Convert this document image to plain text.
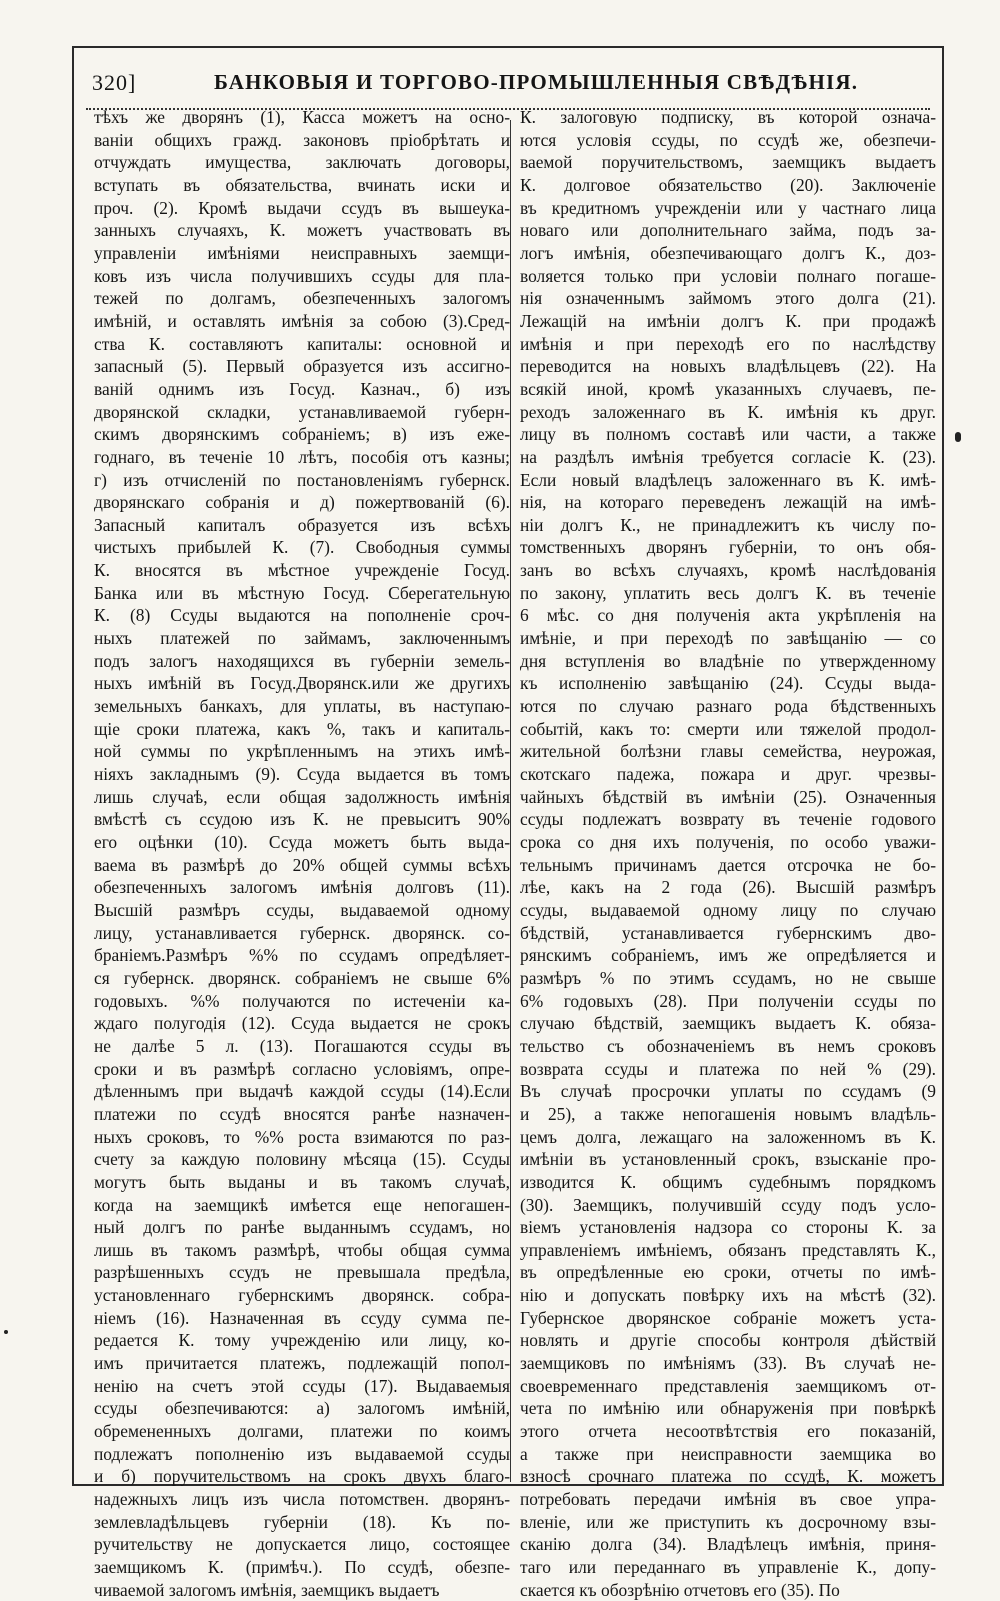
320]	БАНКОВЫЯ И ТОРГОВО-ПРОМЫШЛЕННЫЯ СВѢДѢНІЯ.
тѣхъ же дворянъ (1), Касса можетъ на осно-
ваніи общихъ гражд. законовъ пріобрѣтать и
отчуждать имущества, заключать договоры,
вступать въ обязательства, вчинать иски и
проч. (2). Кромѣ выдачи ссудъ въ вышеука-
занныхъ случаяхъ, К. можетъ участвовать въ
управленіи имѣніями неисправныхъ заемщи-
ковъ изъ числа получившихъ ссуды для пла-
тежей по долгамъ, обезпеченныхъ залогомъ
имѣній, и оставлять имѣнія за собою (3).Сред-
ства К. составляютъ капиталы: основной и
запасный (5). Первый образуется изъ ассигно-
ваній однимъ изъ Госуд. Казнач., б) изъ
дворянской складки, устанавливаемой губерн-
скимъ дворянскимъ собраніемъ; в) изъ еже-
годнаго, въ теченіе 10 лѣтъ, пособія отъ казны;
г) изъ отчисленій по постановленіямъ губернск.
дворянскаго собранія и д) пожертвованій (6).
Запасный капиталъ образуется изъ всѣхъ
чистыхъ прибылей К. (7). Свободныя суммы
К. вносятся въ мѣстное учрежденіе Госуд.
Банка или въ мѣстную Госуд. Сберегательную
К. (8) Ссуды выдаются на пополненіе сроч-
ныхъ платежей по займамъ, заключеннымъ
подъ залогъ находящихся въ губерніи земель-
ныхъ имѣній въ Госуд.Дворянск.или же другихъ
земельныхъ банкахъ, для уплаты, въ наступаю-
щіе сроки платежа, какъ %, такъ и капиталь-
ной суммы по укрѣпленнымъ на этихъ имѣ-
ніяхъ закладнымъ (9). Ссуда выдается въ томъ
лишь случаѣ, если общая задолжность имѣнія
вмѣстѣ съ ссудою изъ К. не превыситъ 90%
его оцѣнки (10). Ссуда можетъ быть выда-
ваема въ размѣрѣ до 20% общей суммы всѣхъ
обезпеченныхъ залогомъ имѣнія долговъ (11).
Высшій размѣръ ссуды, выдаваемой одному
лицу, устанавливается губернск. дворянск. со-
браніемъ.Размѣръ %% по ссудамъ опредѣляет-
ся губернск. дворянск. собраніемъ не свыше 6%
годовыхъ. %% получаются по истеченіи ка-
ждаго полугодія (12). Ссуда выдается не срокъ
не далѣе 5 л. (13). Погашаются ссуды въ
сроки и въ размѣрѣ согласно условіямъ, опре-
дѣленнымъ при выдачѣ каждой ссуды (14).Если
платежи по ссудѣ вносятся ранѣе назначен-
ныхъ сроковъ, то %% роста взимаются по раз-
счету за каждую половину мѣсяца (15). Ссуды
могутъ быть выданы и въ такомъ случаѣ,
когда на заемщикѣ имѣется еще непогашен-
ный долгъ по ранѣе выданнымъ ссудамъ, но
лишь въ такомъ размѣрѣ, чтобы общая сумма
разрѣшенныхъ ссудъ не превышала предѣла,
установленнаго губернскимъ дворянск. собра-
ніемъ (16). Назначенная въ ссуду сумма пе-
редается К. тому учрежденію или лицу, ко-
имъ причитается платежъ, подлежащій попол-
ненію на счетъ этой ссуды (17). Выдаваемыя
ссуды обезпечиваются: а) залогомъ имѣній,
обремененныхъ долгами, платежи по коимъ
подлежатъ пополненію изъ выдаваемой ссуды
и б) поручительствомъ на срокъ двухъ благо-
надежныхъ лицъ изъ числа потомствен. дворянъ-
землевладѣльцевъ губерніи (18). Къ по-
ручительству не допускается лицо, состоящее
заемщикомъ К. (примѣч.). По ссудѣ, обезпе-
чиваемой залогомъ имѣнія, заемщикъ выдаетъ
К. залоговую подписку, въ которой означа-
ются условія ссуды, по ссудѣ же, обезпечи-
ваемой поручительствомъ, заемщикъ выдаетъ
К. долговое обязательство (20). Заключеніе
въ кредитномъ учрежденіи или у частнаго лица
новаго или дополнительнаго займа, подъ за-
логъ имѣнія, обезпечивающаго долгъ К., доз-
воляется только при условіи полнаго погаше-
нія означеннымъ займомъ этого долга (21).
Лежащій на имѣніи долгъ К. при продажѣ
имѣнія и при переходѣ его по наслѣдству
переводится на новыхъ владѣльцевъ (22). На
всякій иной, кромѣ указанныхъ случаевъ, пе-
реходъ заложеннаго въ К. имѣнія къ друг.
лицу въ полномъ составѣ или части, а также
на раздѣлъ имѣнія требуется согласіе К. (23).
Если новый владѣлецъ заложеннаго въ К. имѣ-
нія, на котораго переведенъ лежащій на имѣ-
ніи долгъ К., не принадлежитъ къ числу по-
томственныхъ дворянъ губерніи, то онъ обя-
занъ во всѣхъ случаяхъ, кромѣ наслѣдованія
по закону, уплатить весь долгъ К. въ теченіе
6 мѣс. со дня полученія акта укрѣпленія на
имѣніе, и при переходѣ по завѣщанію — со
дня вступленія во владѣніе по утвержденному
къ исполненію завѣщанію (24). Ссуды выда-
ются по случаю разнаго рода бѣдственныхъ
событій, какъ то: смерти или тяжелой продол-
жительной болѣзни главы семейства, неурожая,
скотскаго падежа, пожара и друг. чрезвы-
чайныхъ бѣдствій въ имѣніи (25). Означенныя
ссуды подлежатъ возврату въ теченіе годового
срока со дня ихъ полученія, по особо уважи-
тельнымъ причинамъ дается отсрочка не бо-
лѣе, какъ на 2 года (26). Высшій размѣръ
ссуды, выдаваемой одному лицу по случаю
бѣдствій, устанавливается губернскимъ дво-
рянскимъ собраніемъ, имъ же опредѣляется и
размѣръ % по этимъ ссудамъ, но не свыше
6% годовыхъ (28). При полученіи ссуды по
случаю бѣдствій, заемщикъ выдаетъ К. обяза-
тельство съ обозначеніемъ въ немъ сроковъ
возврата ссуды и платежа по ней % (29).
Въ случаѣ просрочки уплаты по ссудамъ (9
и 25), а также непогашенія новымъ владѣль-
цемъ долга, лежащаго на заложенномъ въ К.
имѣніи въ установленный срокъ, взысканіе про-
изводится К. общимъ судебнымъ порядкомъ
(30). Заемщикъ, получившій ссуду подъ усло-
віемъ установленія надзора со стороны К. за
управленіемъ имѣніемъ, обязанъ представлять К.,
въ опредѣленные ею сроки, отчеты по имѣ-
нію и допускать повѣрку ихъ на мѣстѣ (32).
Губернское дворянское собраніе можетъ уста-
новлять и другіе способы контроля дѣйствій
заемщиковъ по имѣніямъ (33). Въ случаѣ не-
своевременнаго представленія заемщикомъ от-
чета по имѣнію или обнаруженія при повѣркѣ
этого отчета несоотвѣтствія его показаній,
а также при неисправности заемщика во
взносѣ срочнаго платежа по ссудѣ, К. можетъ
потребовать передачи имѣнія въ свое упра-
вленіе, или же приступить къ досрочному взы-
сканію долга (34). Владѣлецъ имѣнія, приня-
таго или переданнаго въ управленіе К., допу-
скается къ обозрѣнію отчетовъ его (35). По
